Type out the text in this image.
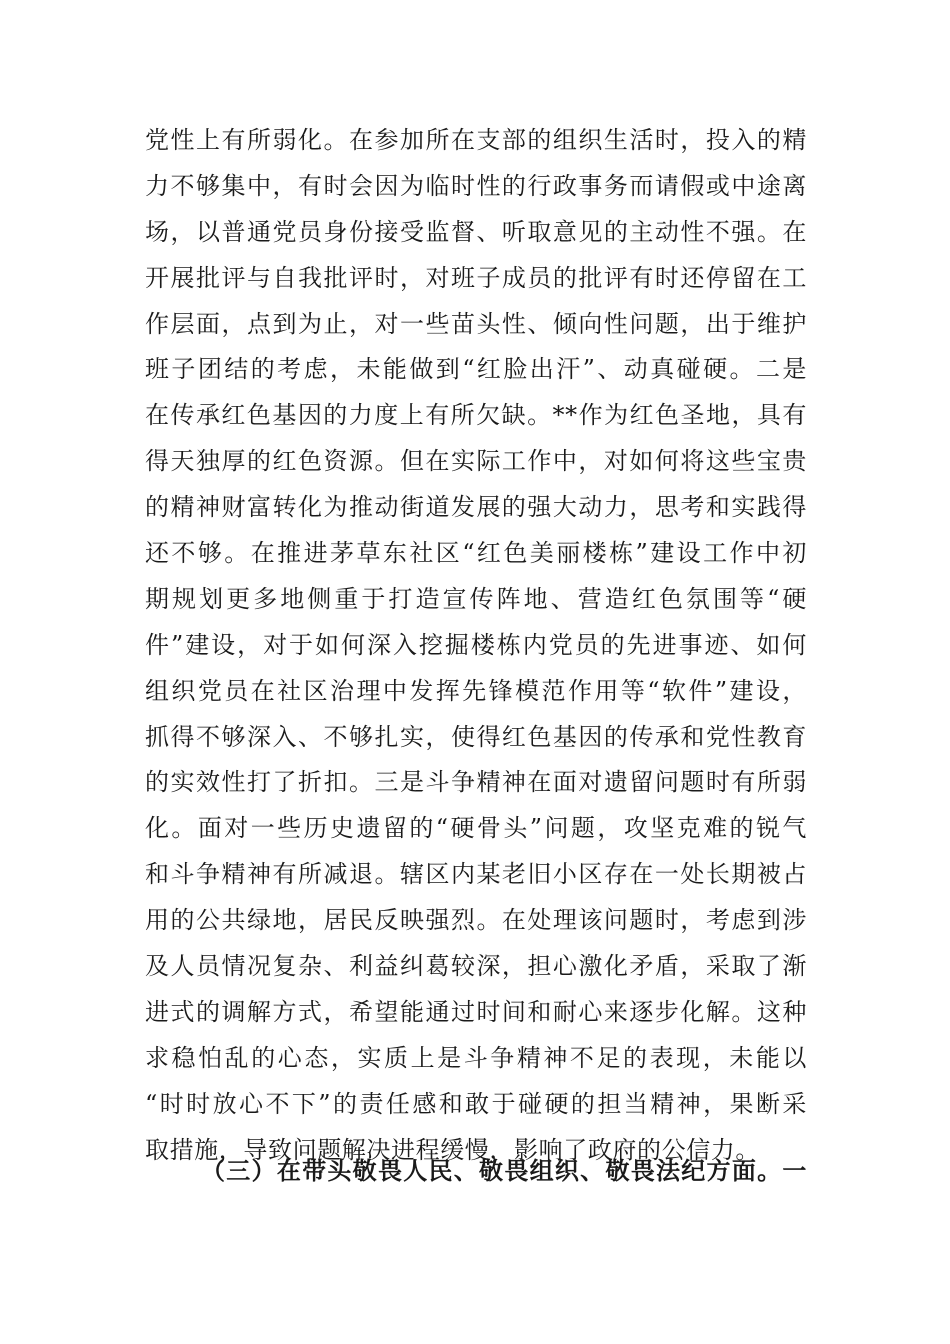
党性上有所弱化。在参加所在支部的组织生活时，投入的精
力不够集中，有时会因为临时性的行政事务而请假或中途离
场，以普通党员身份接受监督、听取意见的主动性不强。在
开展批评与自我批评时，对班子成员的批评有时还停留在工
作层面，点到为止，对一些苗头性、倾向性问题，出于维护
班子团结的考虑，未能做到“红脸出汗”、动真碰硬。二是
在传承红色基因的力度上有所欠缺。**作为红色圣地，具有
得天独厚的红色资源。但在实际工作中，对如何将这些宝贵
的精神财富转化为推动街道发展的强大动力，思考和实践得
还不够。在推进茅草东社区“红色美丽楼栋”建设工作中初
期规划更多地侧重于打造宣传阵地、营造红色氛围等“硬
件”建设，对于如何深入挖掘楼栋内党员的先进事迹、如何
组织党员在社区治理中发挥先锋模范作用等“软件”建设，
抓得不够深入、不够扎实，使得红色基因的传承和党性教育
的实效性打了折扣。三是斗争精神在面对遗留问题时有所弱
化。面对一些历史遗留的“硬骨头”问题，攻坚克难的锐气
和斗争精神有所减退。辖区内某老旧小区存在一处长期被占
用的公共绿地，居民反映强烈。在处理该问题时，考虑到涉
及人员情况复杂、利益纠葛较深，担心激化矛盾，采取了渐
进式的调解方式，希望能通过时间和耐心来逐步化解。这种
求稳怕乱的心态，实质上是斗争精神不足的表现，未能以
“时时放心不下”的责任感和敢于碰硬的担当精神，果断采
取措施，导致问题解决进程缓慢，影响了政府的公信力。
（三）在带头敬畏人民、敬畏组织、敬畏法纪方面。一
